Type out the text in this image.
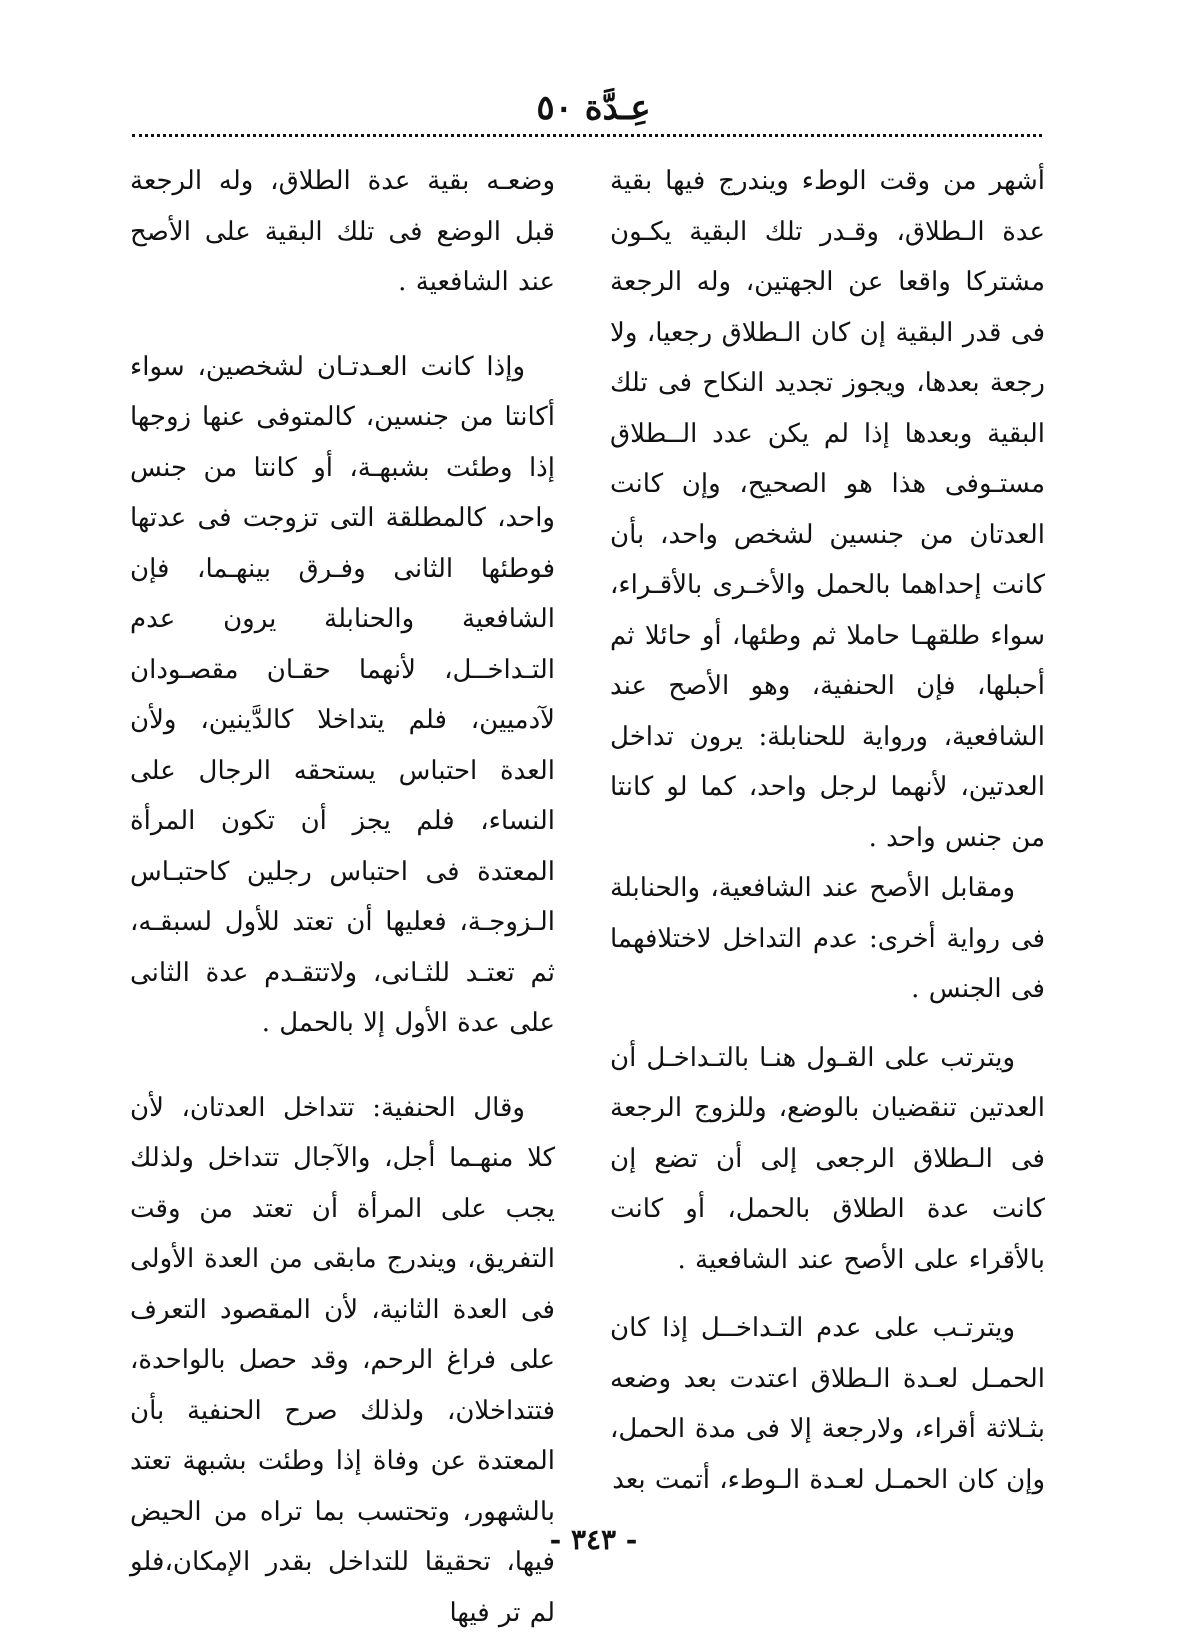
عِـدَّة ٥٠

أشهر من وقت الوطء ويندرج فيها بقية عدة الـطلاق، وقـدر تلك البقية يكـون مشتركا واقعا عن الجهتين، وله الرجعة فى قدر البقية إن كان الـطلاق رجعيا، ولا رجعة بعدها، ويجوز تجديد النكاح فى تلك البقية وبعدها إذا لم يكن عدد الــطلاق مستـوفى هذا هو الصحيح، وإن كانت العدتان من جنسين لشخص واحد، بأن كانت إحداهما بالحمل والأخـرى بالأقـراء، سواء طلقهـا حاملا ثم وطئها، أو حائلا ثم أحبلها، فإن الحنفية، وهو الأصح عند الشافعية، ورواية للحنابلة: يرون تداخل العدتين، لأنهما لرجل واحد، كما لو كانتا من جنس واحد .

ومقابل الأصح عند الشافعية، والحنابلة فى رواية أخرى: عدم التداخل لاختلافهما فى الجنس .

ويترتب على القـول هنـا بالتـداخـل أن العدتين تنقضيان بالوضع، وللزوج الرجعة فى الـطلاق الرجعى إلى أن تضع إن كانت عدة الطلاق بالحمل، أو كانت بالأقراء على الأصح عند الشافعية .

ويترتـب على عدم التـداخــل إذا كان الحمـل لعـدة الـطلاق اعتدت بعد وضعه بثـلاثة أقراء، ولارجعة إلا فى مدة الحمل، وإن كان الحمـل لعـدة الـوطء، أتمت بعد

وضعـه بقية عدة الطلاق، وله الرجعة قبل الوضع فى تلك البقية على الأصح عند الشافعية .

وإذا كانت العـدتـان لشخصين، سواء أكانتا من جنسين، كالمتوفى عنها زوجها إذا وطئت بشبهـة، أو كانتا من جنس واحد، كالمطلقة التى تزوجت فى عدتها فوطئها الثانى وفـرق بينهـما، فإن الشافعية والحنابلة يرون عدم التـداخــل، لأنهما حقـان مقصـودان لآدميين، فلم يتداخلا كالدَّينين، ولأن العدة احتباس يستحقه الرجال على النساء، فلم يجز أن تكون المرأة المعتدة فى احتباس رجلين كاحتبـاس الـزوجـة، فعليها أن تعتد للأول لسبقـه، ثم تعتـد للثـانى، ولاتتقـدم عدة الثانى على عدة الأول إلا بالحمل .

وقال الحنفية: تتداخل العدتان، لأن كلا منهـما أجل، والآجال تتداخل ولذلك يجب على المرأة أن تعتد من وقت التفريق، ويندرج مابقى من العدة الأولى فى العدة الثانية، لأن المقصود التعرف على فراغ الرحم، وقد حصل بالواحدة، فتتداخلان، ولذلك صرح الحنفية بأن المعتدة عن وفاة إذا وطئت بشبهة تعتد بالشهور، وتحتسب بما تراه من الحيض فيها، تحقيقا للتداخل بقدر الإمكان،فلو لم تر فيها

- ٣٤٣ -
